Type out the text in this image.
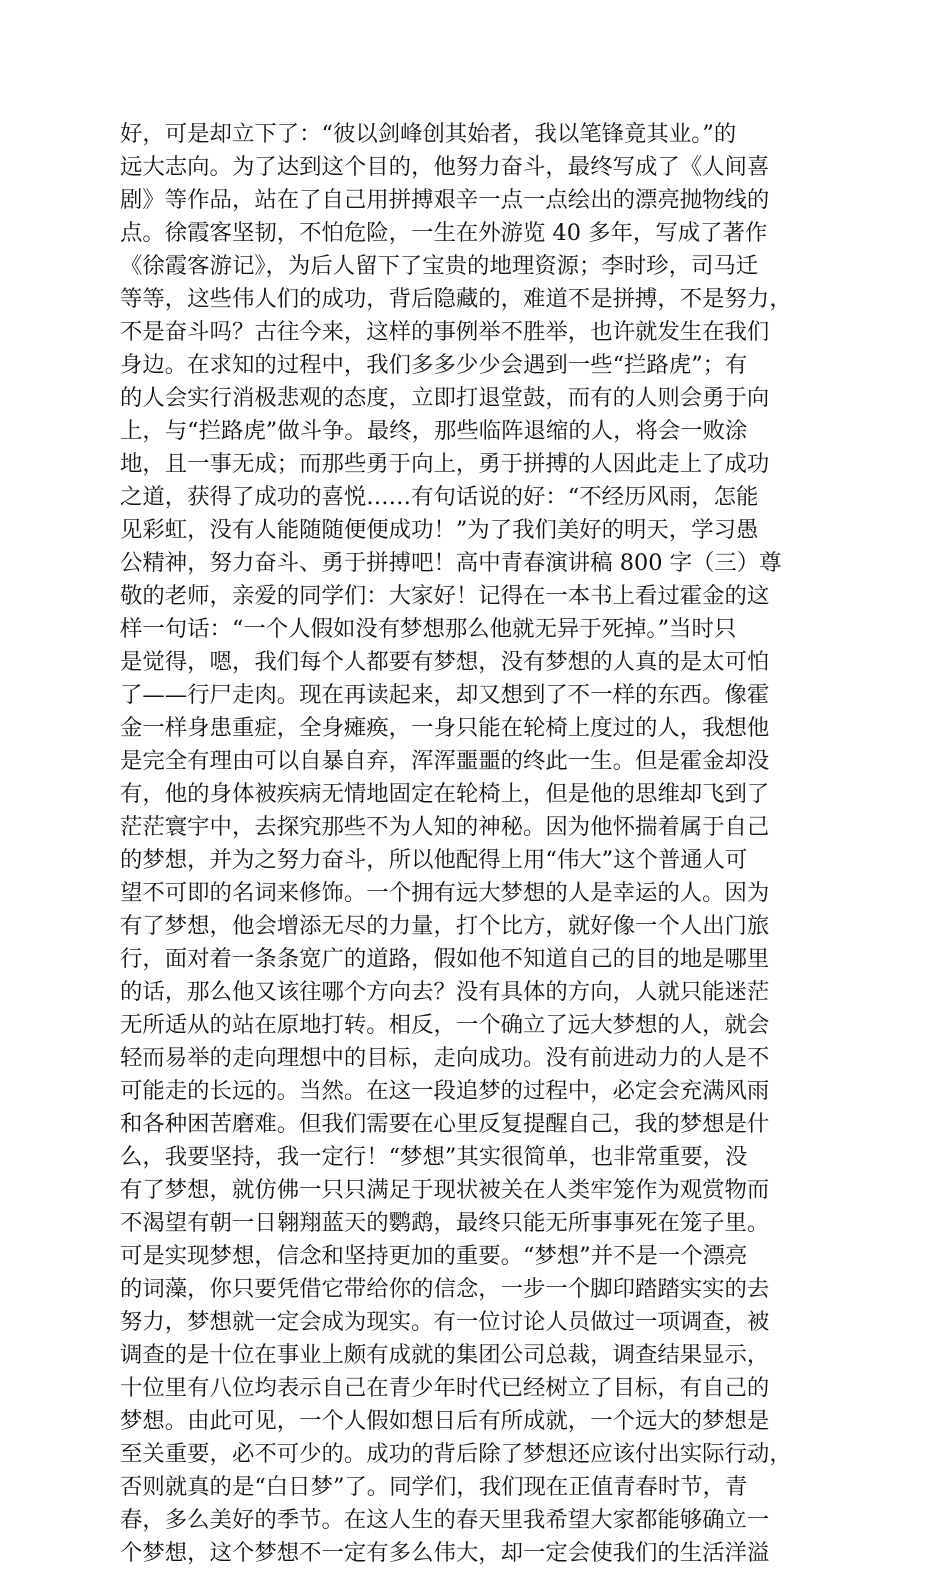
好，可是却立下了：“彼以剑峰创其始者，我以笔锋竟其业。”的
远大志向。为了达到这个目的，他努力奋斗，最终写成了《人间喜
剧》等作品，站在了自己用拼搏艰辛一点一点绘出的漂亮抛物线的
点。徐霞客坚韧，不怕危险，一生在外游览 40 多年，写成了著作
《徐霞客游记》，为后人留下了宝贵的地理资源；李时珍，司马迁
等等，这些伟人们的成功，背后隐藏的，难道不是拼搏，不是努力，
不是奋斗吗？古往今来，这样的事例举不胜举，也许就发生在我们
身边。在求知的过程中，我们多多少少会遇到一些“拦路虎”；有
的人会实行消极悲观的态度，立即打退堂鼓，而有的人则会勇于向
上，与“拦路虎”做斗争。最终，那些临阵退缩的人，将会一败涂
地，且一事无成；而那些勇于向上，勇于拼搏的人因此走上了成功
之道，获得了成功的喜悦……有句话说的好：“不经历风雨，怎能
见彩虹，没有人能随随便便成功！”为了我们美好的明天，学习愚
公精神，努力奋斗、勇于拼搏吧！高中青春演讲稿 800 字（三）尊
敬的老师，亲爱的同学们：大家好！记得在一本书上看过霍金的这
样一句话：“一个人假如没有梦想那么他就无异于死掉。”当时只
是觉得，嗯，我们每个人都要有梦想，没有梦想的人真的是太可怕
了——行尸走肉。现在再读起来，却又想到了不一样的东西。像霍
金一样身患重症，全身瘫痪，一身只能在轮椅上度过的人，我想他
是完全有理由可以自暴自弃，浑浑噩噩的终此一生。但是霍金却没
有，他的身体被疾病无情地固定在轮椅上，但是他的思维却飞到了
茫茫寰宇中，去探究那些不为人知的神秘。因为他怀揣着属于自己
的梦想，并为之努力奋斗，所以他配得上用“伟大”这个普通人可
望不可即的名词来修饰。一个拥有远大梦想的人是幸运的人。因为
有了梦想，他会增添无尽的力量，打个比方，就好像一个人出门旅
行，面对着一条条宽广的道路，假如他不知道自己的目的地是哪里
的话，那么他又该往哪个方向去？没有具体的方向，人就只能迷茫
无所适从的站在原地打转。相反，一个确立了远大梦想的人，就会
轻而易举的走向理想中的目标，走向成功。没有前进动力的人是不
可能走的长远的。当然。在这一段追梦的过程中，必定会充满风雨
和各种困苦磨难。但我们需要在心里反复提醒自己，我的梦想是什
么，我要坚持，我一定行！“梦想”其实很简单，也非常重要，没
有了梦想，就仿佛一只只满足于现状被关在人类牢笼作为观赏物而
不渴望有朝一日翱翔蓝天的鹦鹉，最终只能无所事事死在笼子里。
可是实现梦想，信念和坚持更加的重要。“梦想”并不是一个漂亮
的词藻，你只要凭借它带给你的信念，一步一个脚印踏踏实实的去
努力，梦想就一定会成为现实。有一位讨论人员做过一项调查，被
调查的是十位在事业上颇有成就的集团公司总裁，调查结果显示，
十位里有八位均表示自己在青少年时代已经树立了目标，有自己的
梦想。由此可见，一个人假如想日后有所成就，一个远大的梦想是
至关重要，必不可少的。成功的背后除了梦想还应该付出实际行动，
否则就真的是“白日梦”了。同学们，我们现在正值青春时节，青
春，多么美好的季节。在这人生的春天里我希望大家都能够确立一
个梦想，这个梦想不一定有多么伟大，却一定会使我们的生活洋溢
